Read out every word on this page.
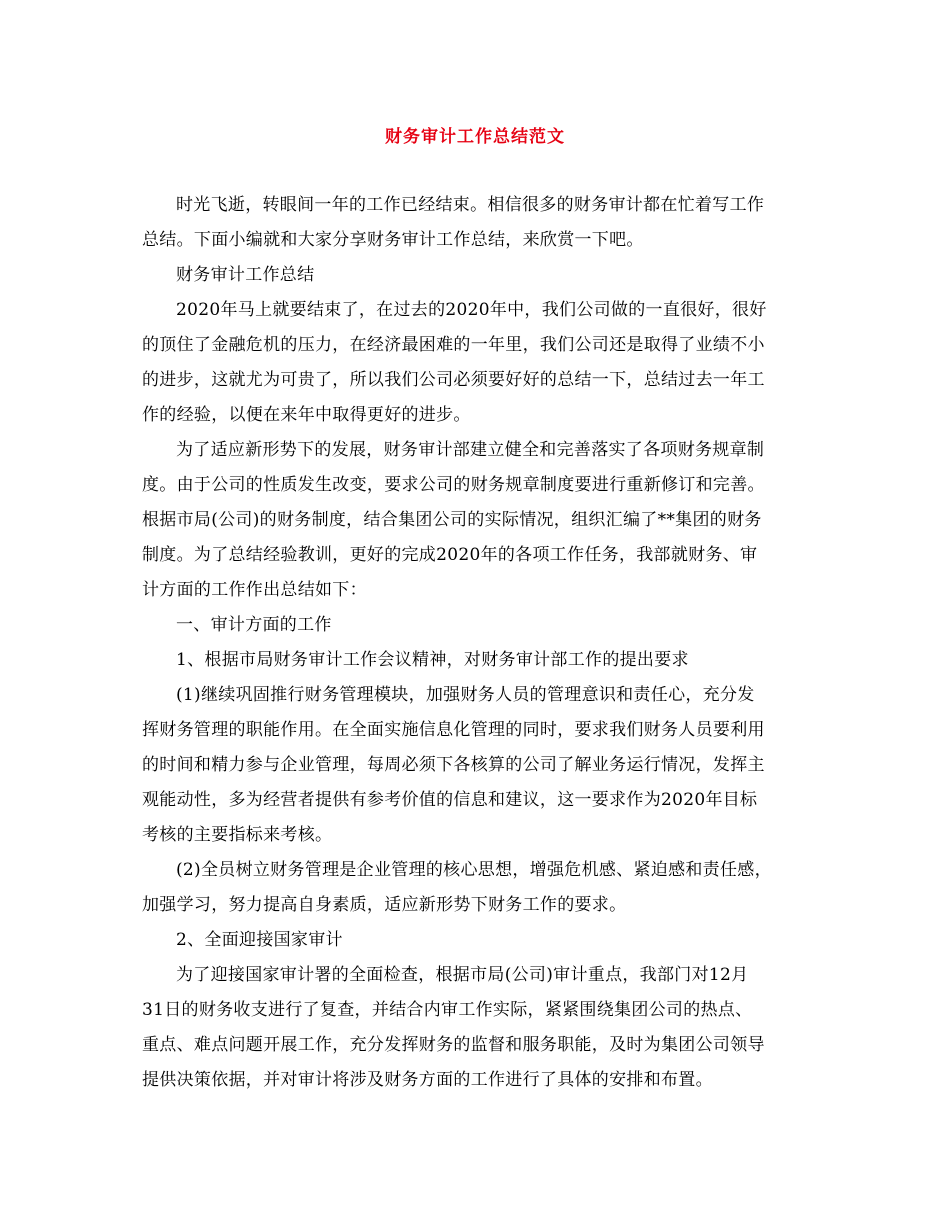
财务审计工作总结范文
时光飞逝，转眼间一年的工作已经结束。相信很多的财务审计都在忙着写工作
总结。下面小编就和大家分享财务审计工作总结，来欣赏一下吧。
财务审计工作总结
2020年马上就要结束了，在过去的2020年中，我们公司做的一直很好，很好
的顶住了金融危机的压力，在经济最困难的一年里，我们公司还是取得了业绩不小
的进步，这就尤为可贵了，所以我们公司必须要好好的总结一下，总结过去一年工
作的经验，以便在来年中取得更好的进步。
为了适应新形势下的发展，财务审计部建立健全和完善落实了各项财务规章制
度。由于公司的性质发生改变，要求公司的财务规章制度要进行重新修订和完善。
根据市局(公司)的财务制度，结合集团公司的实际情况，组织汇编了**集团的财务
制度。为了总结经验教训，更好的完成2020年的各项工作任务，我部就财务、审
计方面的工作作出总结如下：
一、审计方面的工作
1、根据市局财务审计工作会议精神，对财务审计部工作的提出要求
(1)继续巩固推行财务管理模块，加强财务人员的管理意识和责任心，充分发
挥财务管理的职能作用。在全面实施信息化管理的同时，要求我们财务人员要利用
的时间和精力参与企业管理，每周必须下各核算的公司了解业务运行情况，发挥主
观能动性，多为经营者提供有参考价值的信息和建议，这一要求作为2020年目标
考核的主要指标来考核。
(2)全员树立财务管理是企业管理的核心思想，增强危机感、紧迫感和责任感，
加强学习，努力提高自身素质，适应新形势下财务工作的要求。
2、全面迎接国家审计
为了迎接国家审计署的全面检查，根据市局(公司)审计重点，我部门对12月
31日的财务收支进行了复查，并结合内审工作实际，紧紧围绕集团公司的热点、
重点、难点问题开展工作，充分发挥财务的监督和服务职能，及时为集团公司领导
提供决策依据，并对审计将涉及财务方面的工作进行了具体的安排和布置。
